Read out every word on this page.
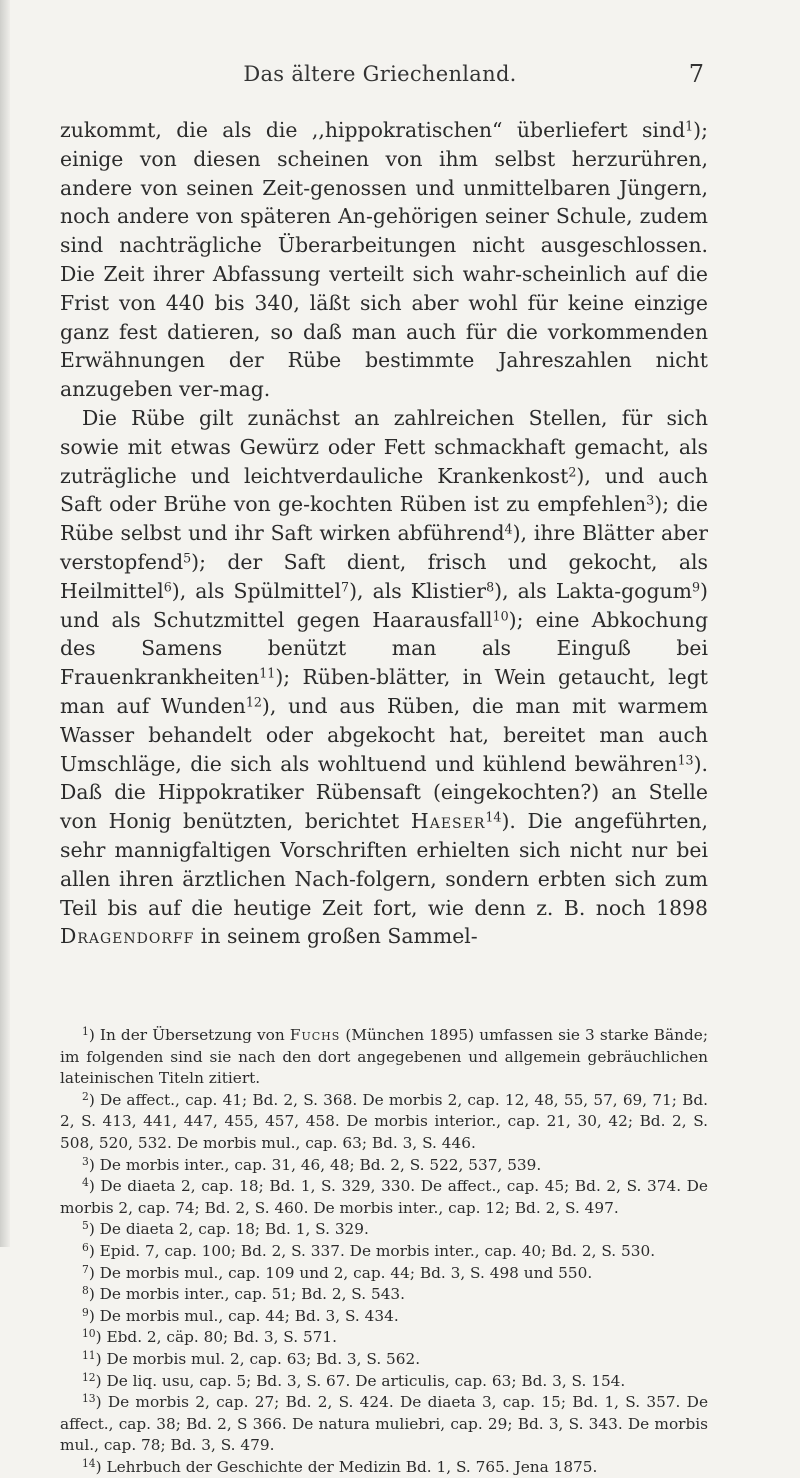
Das ältere Griechenland.	7

zukommt, die als die ,,hippokratischen“ überliefert sind$^1$); einige von diesen scheinen von ihm selbst herzurühren, andere von seinen Zeit-genossen und unmittelbaren Jüngern, noch andere von späteren An-gehörigen seiner Schule, zudem sind nachträgliche Überarbeitungen nicht ausgeschlossen. Die Zeit ihrer Abfassung verteilt sich wahr-scheinlich auf die Frist von 440 bis 340, läßt sich aber wohl für keine einzige ganz fest datieren, so daß man auch für die vorkommenden Erwähnungen der Rübe bestimmte Jahreszahlen nicht anzugeben ver-mag.

Die Rübe gilt zunächst an zahlreichen Stellen, für sich sowie mit etwas Gewürz oder Fett schmackhaft gemacht, als zuträgliche und leichtverdauliche Krankenkost$^2$), und auch Saft oder Brühe von ge-kochten Rüben ist zu empfehlen$^3$); die Rübe selbst und ihr Saft wirken abführend$^4$), ihre Blätter aber verstopfend$^5$); der Saft dient, frisch und gekocht, als Heilmittel$^6$), als Spülmittel$^7$), als Klistier$^8$), als Lakta-gogum$^9$) und als Schutzmittel gegen Haarausfall$^{10}$); eine Abkochung des Samens benützt man als Einguß bei Frauenkrankheiten$^{11}$); Rüben-blätter, in Wein getaucht, legt man auf Wunden$^{12}$), und aus Rüben, die man mit warmem Wasser behandelt oder abgekocht hat, bereitet man auch Umschläge, die sich als wohltuend und kühlend bewähren$^{13}$). Daß die Hippokratiker Rübensaft (eingekochten?) an Stelle von Honig benützten, berichtet Haeser$^{14}$). Die angeführten, sehr mannigfaltigen Vorschriften erhielten sich nicht nur bei allen ihren ärztlichen Nach-folgern, sondern erbten sich zum Teil bis auf die heutige Zeit fort, wie denn z. B. noch 1898 Dragendorff in seinem großen Sammel-

$^1$) In der Übersetzung von Fuchs (München 1895) umfassen sie 3 starke Bände; im folgenden sind sie nach den dort angegebenen und allgemein gebräuchlichen lateinischen Titeln zitiert.

$^2$) De affect., cap. 41; Bd. 2, S. 368. De morbis 2, cap. 12, 48, 55, 57, 69, 71; Bd. 2, S. 413, 441, 447, 455, 457, 458. De morbis interior., cap. 21, 30, 42; Bd. 2, S. 508, 520, 532. De morbis mul., cap. 63; Bd. 3, S. 446.

$^3$) De morbis inter., cap. 31, 46, 48; Bd. 2, S. 522, 537, 539.

$^4$) De diaeta 2, cap. 18; Bd. 1, S. 329, 330. De affect., cap. 45; Bd. 2, S. 374. De morbis 2, cap. 74; Bd. 2, S. 460. De morbis inter., cap. 12; Bd. 2, S. 497.

$^5$) De diaeta 2, cap. 18; Bd. 1, S. 329.

$^6$) Epid. 7, cap. 100; Bd. 2, S. 337. De morbis inter., cap. 40; Bd. 2, S. 530.

$^7$) De morbis mul., cap. 109 und 2, cap. 44; Bd. 3, S. 498 und 550.

$^8$) De morbis inter., cap. 51; Bd. 2, S. 543.

$^9$) De morbis mul., cap. 44; Bd. 3, S. 434.

$^{10}$) Ebd. 2, cäp. 80; Bd. 3, S. 571.

$^{11}$) De morbis mul. 2, cap. 63; Bd. 3, S. 562.

$^{12}$) De liq. usu, cap. 5; Bd. 3, S. 67. De articulis, cap. 63; Bd. 3, S. 154.

$^{13}$) De morbis 2, cap. 27; Bd. 2, S. 424. De diaeta 3, cap. 15; Bd. 1, S. 357. De affect., cap. 38; Bd. 2, S 366. De natura muliebri, cap. 29; Bd. 3, S. 343. De morbis mul., cap. 78; Bd. 3, S. 479.

$^{14}$) Lehrbuch der Geschichte der Medizin Bd. 1, S. 765. Jena 1875.
